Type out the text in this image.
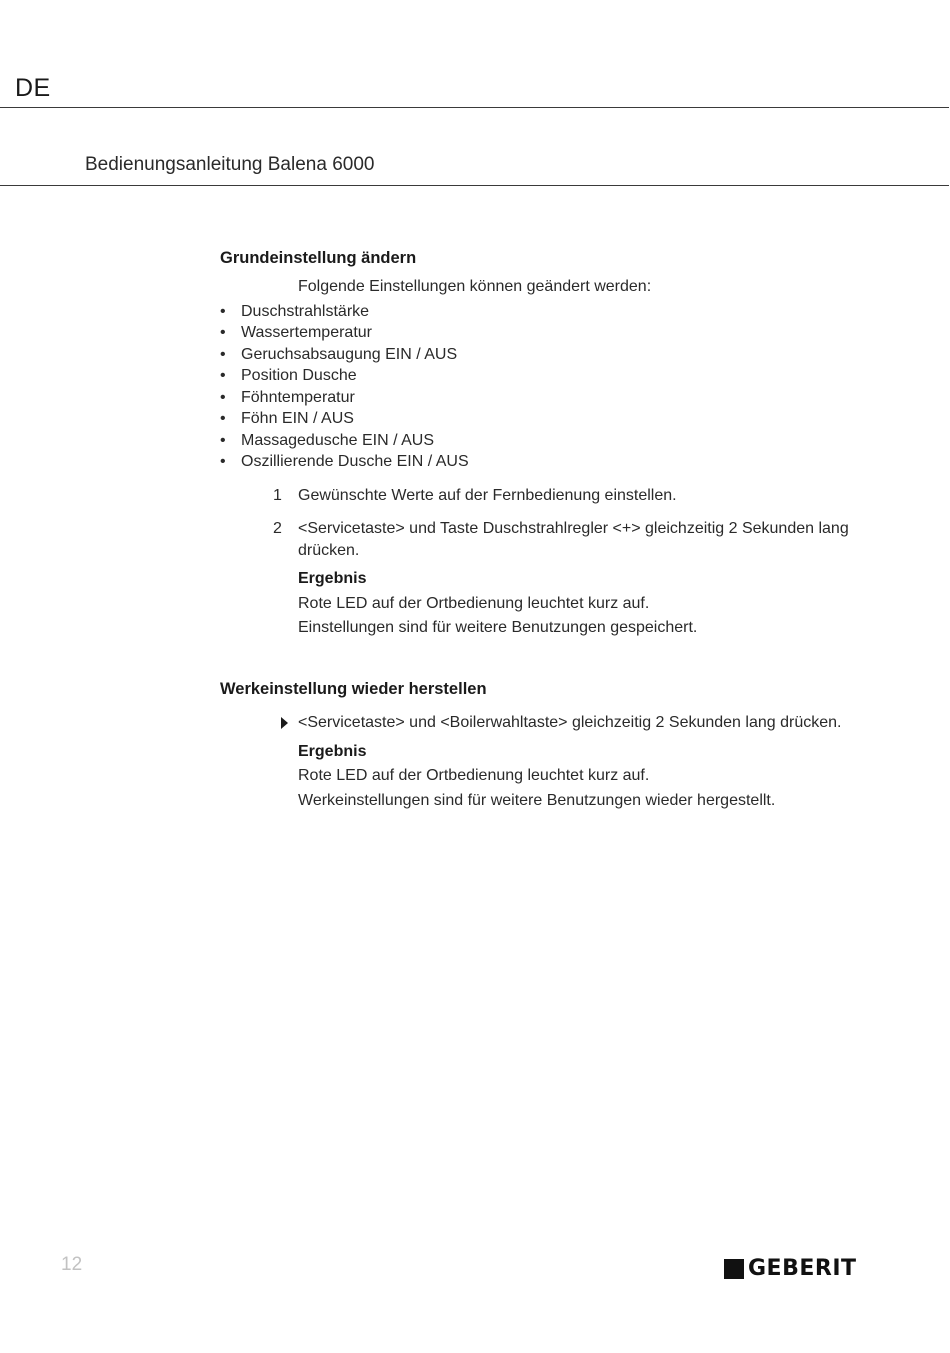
DE
Bedienungsanleitung Balena 6000
Grundeinstellung ändern
Folgende Einstellungen können geändert werden:
• Duschstrahlstärke
• Wassertemperatur
• Geruchsabsaugung EIN / AUS
• Position Dusche
• Föhntemperatur
• Föhn EIN / AUS
• Massagedusche EIN / AUS
• Oszillierende Dusche EIN / AUS
1 Gewünschte Werte auf der Fernbedienung einstellen.
2 <Servicetaste> und Taste Duschstrahlregler <+> gleichzeitig 2 Sekunden lang drücken.
Ergebnis
Rote LED auf der Ortbedienung leuchtet kurz auf.
Einstellungen sind für weitere Benutzungen gespeichert.
Werkeinstellung wieder herstellen
<Servicetaste> und <Boilerwahltaste> gleichzeitig 2 Sekunden lang drücken.
Ergebnis
Rote LED auf der Ortbedienung leuchtet kurz auf.
Werkeinstellungen sind für weitere Benutzungen wieder hergestellt.
12	GEBERIT
